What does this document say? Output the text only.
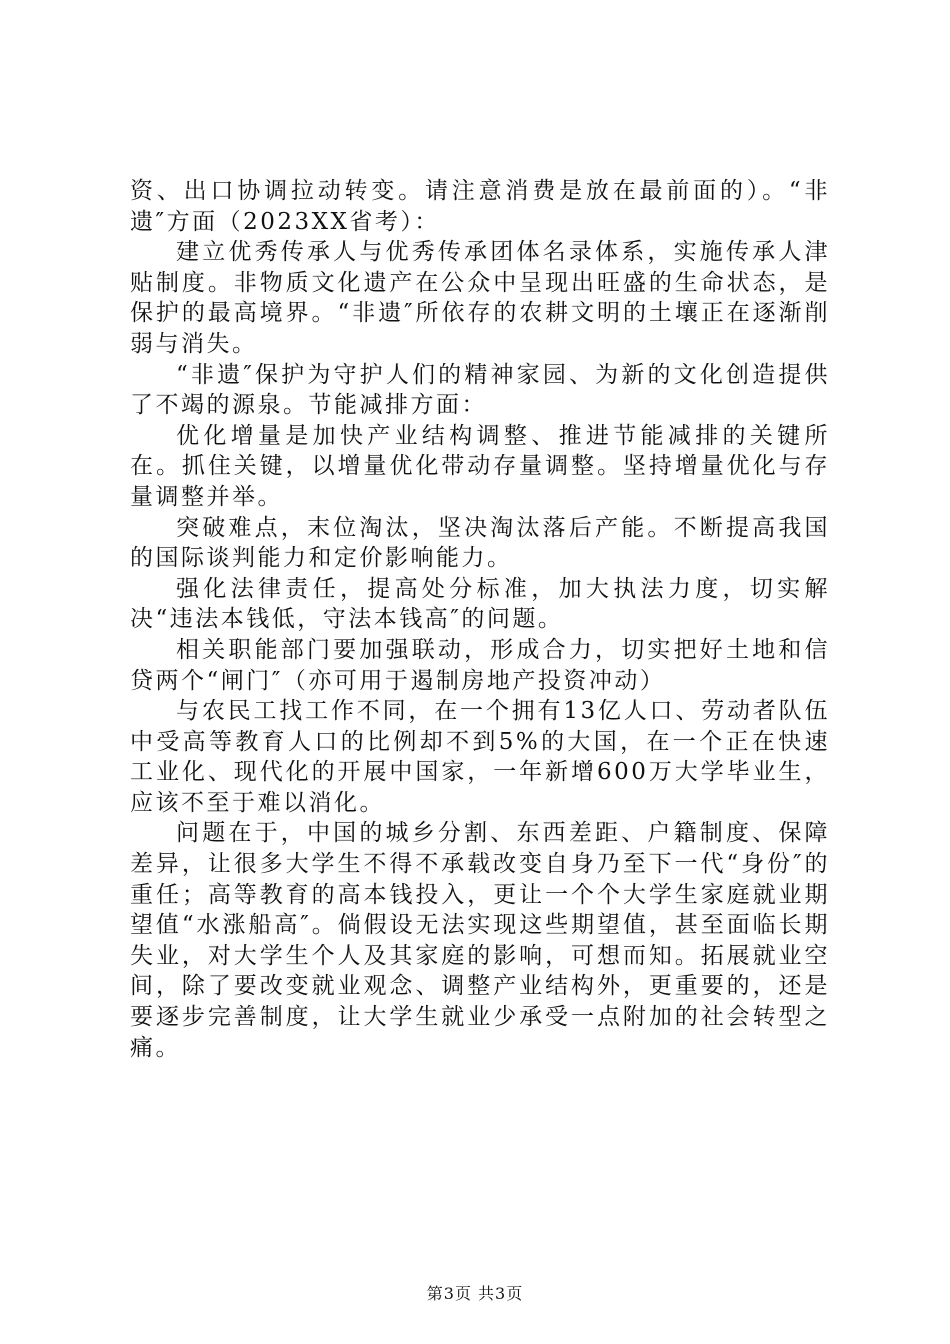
资、出口协调拉动转变。请注意消费是放在最前面的）。“非遗″方面（2023XX省考）：

建立优秀传承人与优秀传承团体名录体系，实施传承人津贴制度。非物质文化遗产在公众中呈现出旺盛的生命状态，是保护的最高境界。“非遗″所依存的农耕文明的土壤正在逐渐削弱与消失。

“非遗″保护为守护人们的精神家园、为新的文化创造提供了不竭的源泉。节能减排方面：

优化增量是加快产业结构调整、推进节能减排的关键所在。抓住关键，以增量优化带动存量调整。坚持增量优化与存量调整并举。

突破难点，末位淘汰，坚决淘汰落后产能。不断提高我国的国际谈判能力和定价影响能力。

强化法律责任，提高处分标准，加大执法力度，切实解决“违法本钱低，守法本钱高″的问题。

相关职能部门要加强联动，形成合力，切实把好土地和信贷两个“闸门″（亦可用于遏制房地产投资冲动）

与农民工找工作不同，在一个拥有13亿人口、劳动者队伍中受高等教育人口的比例却不到5%的大国，在一个正在快速工业化、现代化的开展中国家，一年新增600万大学毕业生，应该不至于难以消化。

问题在于，中国的城乡分割、东西差距、户籍制度、保障差异，让很多大学生不得不承载改变自身乃至下一代“身份″的重任；高等教育的高本钱投入，更让一个个大学生家庭就业期望值“水涨船高″。倘假设无法实现这些期望值，甚至面临长期失业，对大学生个人及其家庭的影响，可想而知。拓展就业空间，除了要改变就业观念、调整产业结构外，更重要的，还是要逐步完善制度，让大学生就业少承受一点附加的社会转型之痛。

第3页 共3页
